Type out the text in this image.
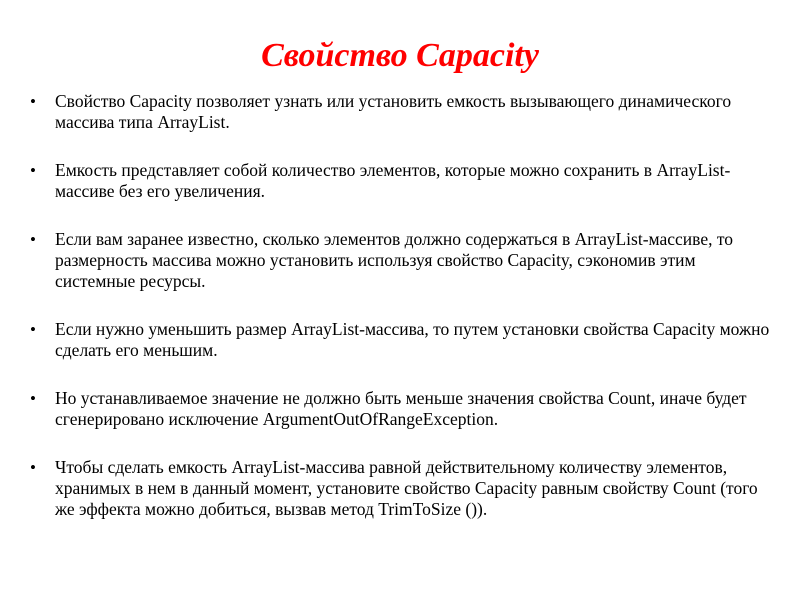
Свойство Capacity
• Свойство Capacity позволяет узнать или установить емкость вызывающего динамического массива типа ArrayList.
• Емкость представляет собой количество элементов, которые можно сохранить в ArrayList-массиве без его увеличения.
• Если вам заранее известно, сколько элементов должно содержаться в ArrayList-массиве, то размерность массива можно установить используя свойство Capacity, сэкономив этим системные ресурсы.
• Если нужно уменьшить размер ArrayList-массива, то путем установки свойства Capacity можно сделать его меньшим.
• Но устанавливаемое значение не должно быть меньше значения свойства Count, иначе будет сгенерировано исключение ArgumentOutOfRangeException.
• Чтобы сделать емкость ArrayList-массива равной действительному количеству элементов, хранимых в нем в данный момент, установите свойство Capacity равным свойству Count (того же эффекта можно добиться, вызвав метод TrimToSize ()).
